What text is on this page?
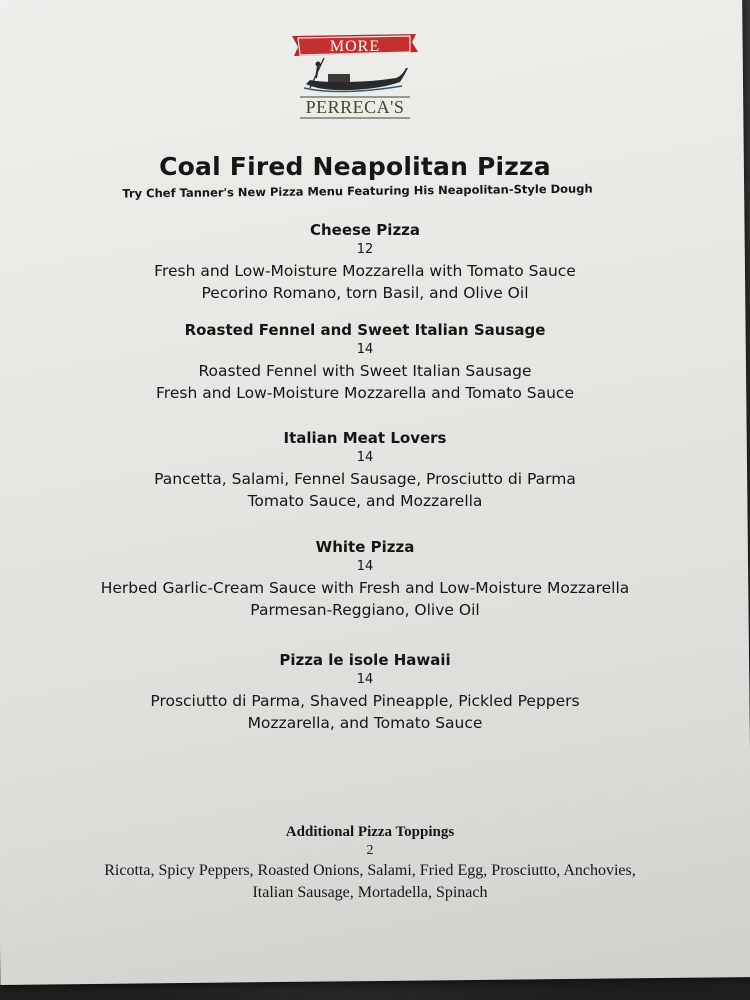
MORE
PERRECA'S
Coal Fired Neapolitan Pizza
Try Chef Tanner's New Pizza Menu Featuring His Neapolitan-Style Dough
Cheese Pizza
12
Fresh and Low-Moisture Mozzarella with Tomato Sauce
Pecorino Romano, torn Basil, and Olive Oil
Roasted Fennel and Sweet Italian Sausage
14
Roasted Fennel with Sweet Italian Sausage
Fresh and Low-Moisture Mozzarella and Tomato Sauce
Italian Meat Lovers
14
Pancetta, Salami, Fennel Sausage, Prosciutto di Parma
Tomato Sauce, and Mozzarella
White Pizza
14
Herbed Garlic-Cream Sauce with Fresh and Low-Moisture Mozzarella
Parmesan-Reggiano, Olive Oil
Pizza le isole Hawaii
14
Prosciutto di Parma, Shaved Pineapple, Pickled Peppers
Mozzarella, and Tomato Sauce
Additional Pizza Toppings
2
Ricotta, Spicy Peppers, Roasted Onions, Salami, Fried Egg, Prosciutto, Anchovies,
Italian Sausage, Mortadella, Spinach
